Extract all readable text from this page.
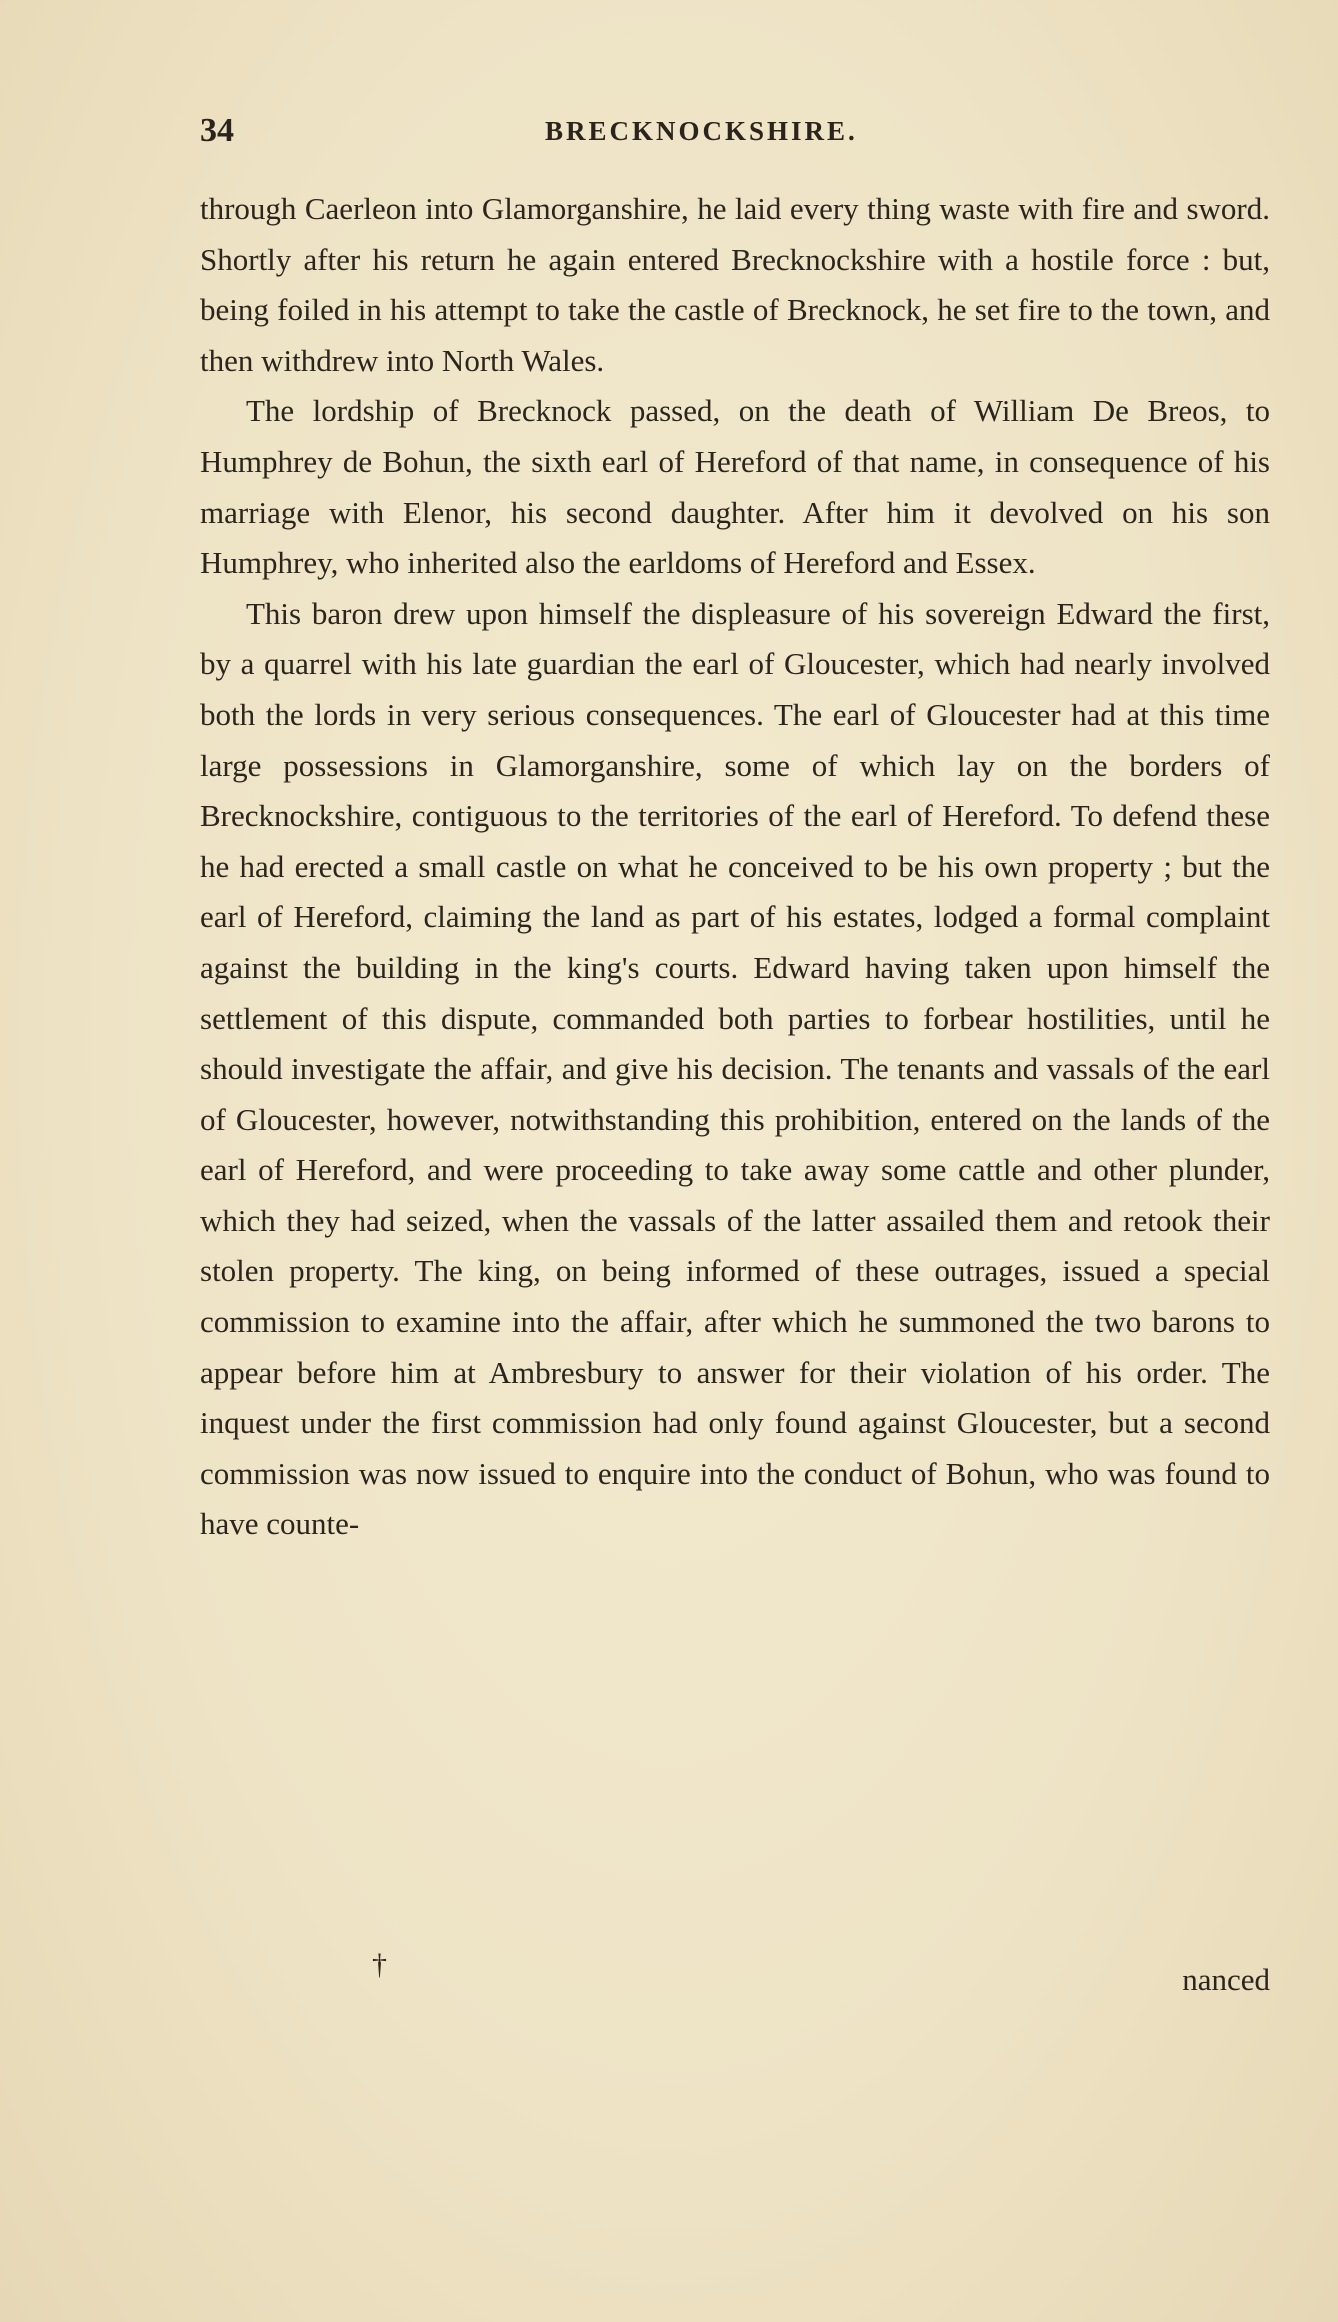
34	BRECKNOCKSHIRE.

through Caerleon into Glamorganshire, he laid every thing waste with fire and sword. Shortly after his return he again entered Brecknockshire with a hostile force : but, being foiled in his attempt to take the castle of Brecknock, he set fire to the town, and then withdrew into North Wales.

The lordship of Brecknock passed, on the death of William De Breos, to Humphrey de Bohun, the sixth earl of Hereford of that name, in consequence of his marriage with Elenor, his second daughter. After him it devolved on his son Humphrey, who inherited also the earldoms of Hereford and Essex.

This baron drew upon himself the displeasure of his sovereign Edward the first, by a quarrel with his late guardian the earl of Gloucester, which had nearly involved both the lords in very serious consequences. The earl of Gloucester had at this time large possessions in Glamorganshire, some of which lay on the borders of Brecknockshire, contiguous to the territories of the earl of Hereford. To defend these he had erected a small castle on what he conceived to be his own property ; but the earl of Hereford, claiming the land as part of his estates, lodged a formal complaint against the building in the king's courts. Edward having taken upon himself the settlement of this dispute, commanded both parties to forbear hostilities, until he should investigate the affair, and give his decision. The tenants and vassals of the earl of Gloucester, however, notwithstanding this prohibition, entered on the lands of the earl of Hereford, and were proceeding to take away some cattle and other plunder, which they had seized, when the vassals of the latter assailed them and retook their stolen property. The king, on being informed of these outrages, issued a special commission to examine into the affair, after which he summoned the two barons to appear before him at Ambresbury to answer for their violation of his order. The inquest under the first commission had only found against Gloucester, but a second commission was now issued to enquire into the conduct of Bohun, who was found to have counte-

†	nanced
